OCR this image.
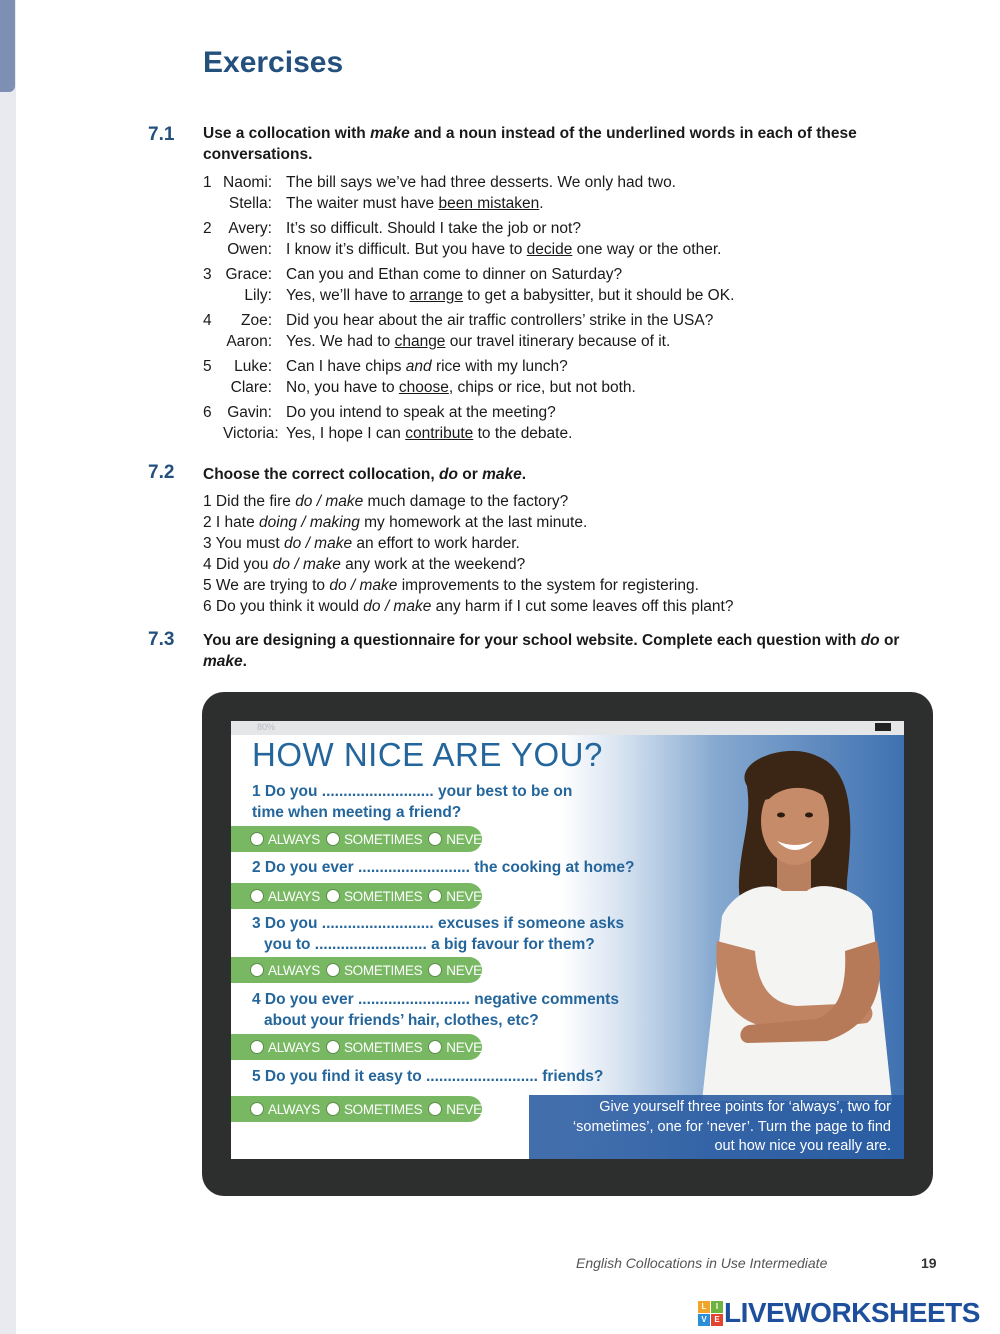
Exercises
7.1 Use a collocation with make and a noun instead of the underlined words in each of these conversations.
1 Naomi: The bill says we’ve had three desserts. We only had two.
Stella: The waiter must have been mistaken.
2	Avery: It’s so difficult. Should I take the job or not?
Owen: I know it’s difficult. But you have to decide one way or the other.
3 Grace: Can you and Ethan come to dinner on Saturday?
Lily: Yes, we’ll have to arrange to get a babysitter, but it should be OK.
4	Zoe: Did you hear about the air traffic controllers’ strike in the USA?
Aaron: Yes. We had to change our travel itinerary because of it.
5	Luke: Can I have chips and rice with my lunch?
Clare: No, you have to choose, chips or rice, but not both.
6	Gavin: Do you intend to speak at the meeting?
Victoria: Yes, I hope I can contribute to the debate.
7.2 Choose the correct collocation, do or make.
1 Did the fire do / make much damage to the factory?
2 I hate doing / making my homework at the last minute.
3 You must do / make an effort to work harder.
4 Did you do / make any work at the weekend?
5 We are trying to do / make improvements to the system for registering.
6 Do you think it would do / make any harm if I cut some leaves off this plant?
7.3 You are designing a questionnaire for your school website. Complete each question with do or make.
80%
HOW NICE ARE YOU?
1 Do you .......................... your best to be on
time when meeting a friend?
ALWAYS SOMETIMES NEVER
2 Do you ever .......................... the cooking at home?
ALWAYS SOMETIMES NEVER
3 Do you .......................... excuses if someone asks
you to .......................... a big favour for them?
ALWAYS SOMETIMES NEVER
4 Do you ever .......................... negative comments
about your friends’ hair, clothes, etc?
ALWAYS SOMETIMES NEVER
5 Do you find it easy to .......................... friends?
ALWAYS SOMETIMES NEVER	Give yourself three points for ‘always’, two for
‘sometimes’, one for ‘never’. Turn the page to find
out how nice you really are.
English Collocations in Use Intermediate	19
L	I
V E LIVEWORKSHEETS
